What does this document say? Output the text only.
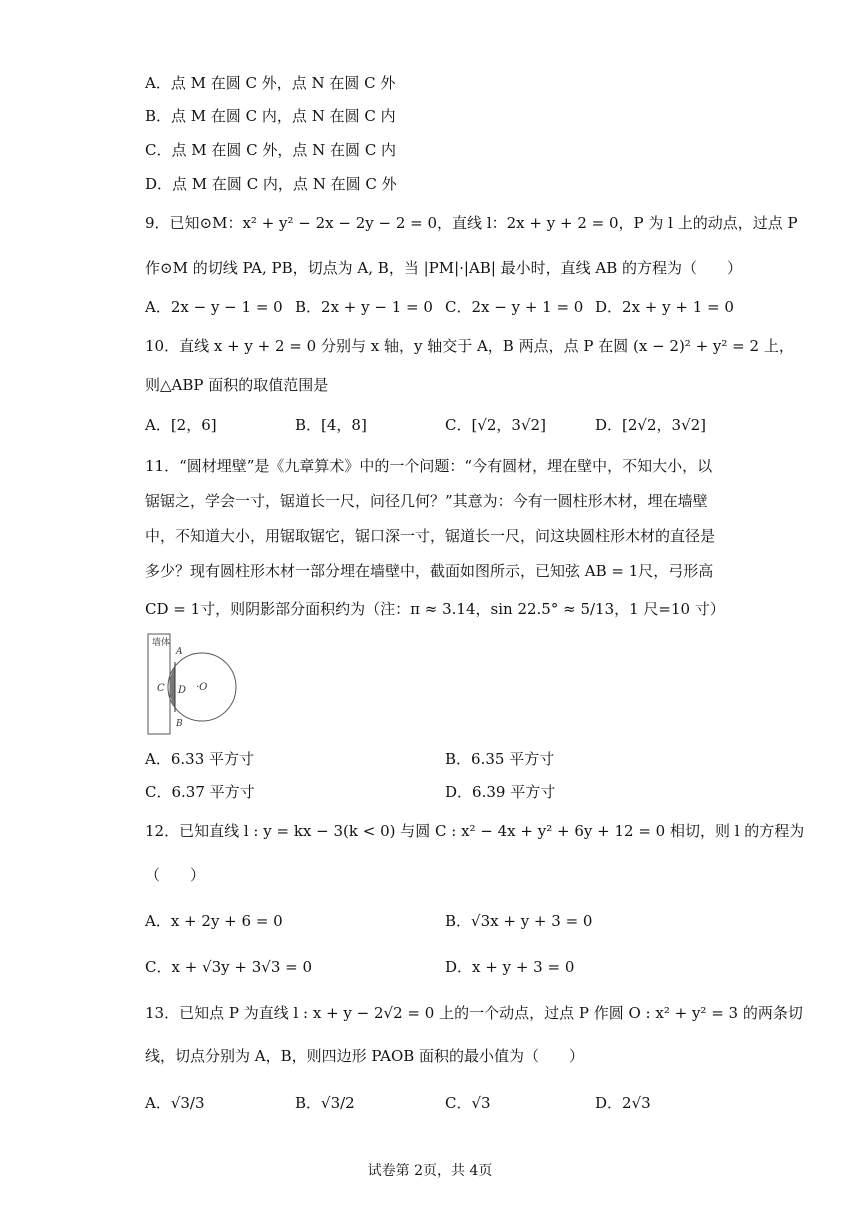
A．点 M 在圆 C 外，点 N 在圆 C 外
B．点 M 在圆 C 内，点 N 在圆 C 内
C．点 M 在圆 C 外，点 N 在圆 C 内
D．点 M 在圆 C 内，点 N 在圆 C 外
9．已知⊙M：x² + y² − 2x − 2y − 2 = 0，直线 l：2x + y + 2 = 0，P 为 l 上的动点，过点 P
作⊙M 的切线 PA, PB，切点为 A, B，当 |PM|·|AB| 最小时，直线 AB 的方程为（　　）
A．2x − y − 1 = 0 B．2x + y − 1 = 0 C．2x − y + 1 = 0 D．2x + y + 1 = 0
10．直线 x + y + 2 = 0 分别与 x 轴，y 轴交于 A，B 两点，点 P 在圆 (x − 2)² + y² = 2 上，
则△ABP 面积的取值范围是
A．[2，6]	B．[4，8]	C．[√2，3√2]	D．[2√2，3√2]
11．“圆材埋壁”是《九章算术》中的一个问题：“今有圆材，埋在壁中，不知大小，以
锯锯之，学会一寸，锯道长一尺，问径几何？”其意为：今有一圆柱形木材，埋在墙壁
中，不知道大小，用锯取锯它，锯口深一寸，锯道长一尺，问这块圆柱形木材的直径是
多少？现有圆柱形木材一部分埋在墙壁中，截面如图所示，已知弦 AB = 1尺，弓形高
CD = 1寸，则阴影部分面积约为（注：π ≈ 3.14，sin 22.5° ≈ 5/13，1 尺=10 寸）
墙体
A
C D ·O
B
A．6.33 平方寸	B．6.35 平方寸
C．6.37 平方寸	D．6.39 平方寸
12．已知直线 l : y = kx − 3(k < 0) 与圆 C : x² − 4x + y² + 6y + 12 = 0 相切，则 l 的方程为
（　　）
A．x + 2y + 6 = 0	B．√3x + y + 3 = 0
C．x + √3y + 3√3 = 0	D．x + y + 3 = 0
13．已知点 P 为直线 l : x + y − 2√2 = 0 上的一个动点，过点 P 作圆 O : x² + y² = 3 的两条切
线，切点分别为 A，B，则四边形 PAOB 面积的最小值为（　　）
A．√3/3	B．√3/2	C．√3	D．2√3
试卷第 2页，共 4页
